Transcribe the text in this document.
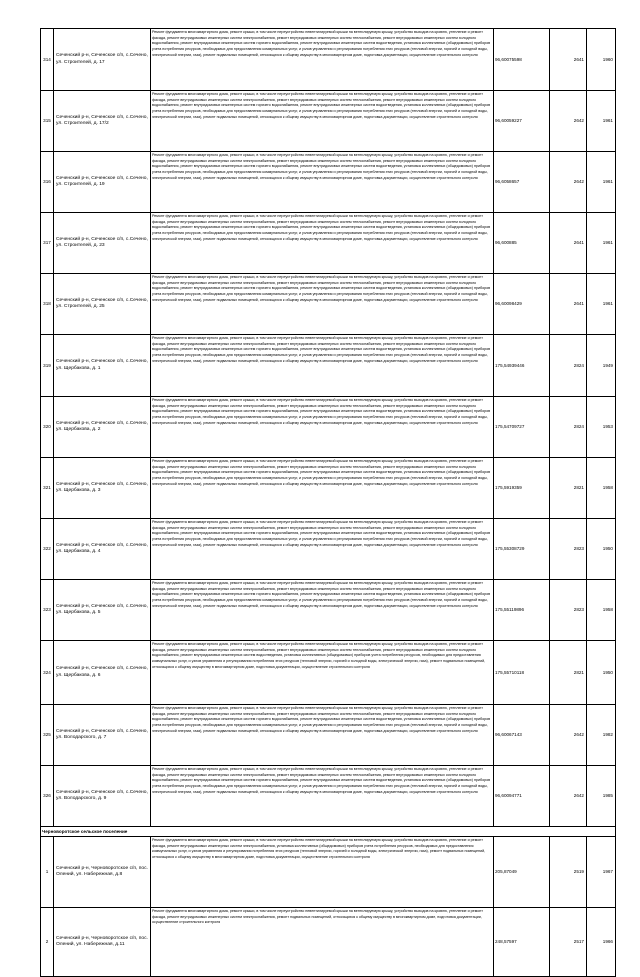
314	Сеченский р-н, Сеченское с/п, с.Сечено, ул. Строителей, д. 17	Ремонт фундамента многоквартирного дома, ремонт крыши, в том числе переустройство невентилируемой крыши на вентилируемую крышу, устройство выходов на кровлю, утепление и ремонт фасада, ремонт внутридомовых инженерных систем электроснабжения, ремонт внутридомовых инженерных систем теплоснабжения, ремонт внутридомовых инженерных систем холодного водоснабжения, ремонт внутридомовых инженерных систем горячего водоснабжения, ремонт внутридомовых инженерных систем водоотведения, установка коллективных (общедомовых) приборов учета потребления ресурсов, необходимых для предоставления коммунальных услуг, и узлов управления и регулирования потребления этих ресурсов (тепловой энергии, горячей и холодной воды, электрической энергии, газа), ремонт подвальных помещений, относящихся к общему имуществу в многоквартирном доме, подготовка документации, осуществление строительного контроля	96,60075598	2641	1960
315	Сеченский р-н, Сеченское с/п, с.Сечено, ул. Строителей, д. 17/2	Ремонт фундамента многоквартирного дома, ремонт крыши, в том числе переустройство невентилируемой крыши на вентилируемую крышу, устройство выходов на кровлю, утепление и ремонт фасада, ремонт внутридомовых инженерных систем электроснабжения, ремонт внутридомовых инженерных систем теплоснабжения, ремонт внутридомовых инженерных систем холодного водоснабжения, ремонт внутридомовых инженерных систем горячего водоснабжения, ремонт внутридомовых инженерных систем водоотведения, установка коллективных (общедомовых) приборов учета потребления ресурсов, необходимых для предоставления коммунальных услуг, и узлов управления и регулирования потребления этих ресурсов (тепловой энергии, горячей и холодной воды, электрической энергии, газа), ремонт подвальных помещений, относящихся к общему имуществу в многоквартирном доме, подготовка документации, осуществление строительного контроля	96,60059227	2642	1961
316	Сеченский р-н, Сеченское с/п, с.Сечено, ул. Строителей, д. 19	Ремонт фундамента многоквартирного дома, ремонт крыши, в том числе переустройство невентилируемой крыши на вентилируемую крышу, устройство выходов на кровлю, утепление и ремонт фасада, ремонт внутридомовых инженерных систем электроснабжения, ремонт внутридомовых инженерных систем теплоснабжения, ремонт внутридомовых инженерных систем холодного водоснабжения, ремонт внутридомовых инженерных систем горячего водоснабжения, ремонт внутридомовых инженерных систем водоотведения, установка коллективных (общедомовых) приборов учета потребления ресурсов, необходимых для предоставления коммунальных услуг, и узлов управления и регулирования потребления этих ресурсов (тепловой энергии, горячей и холодной воды, электрической энергии, газа), ремонт подвальных помещений, относящихся к общему имуществу в многоквартирном доме, подготовка документации, осуществление строительного контроля	96,6058657	2642	1961
317	Сеченский р-н, Сеченское с/п, с.Сечено, ул. Строителей, д. 23	Ремонт фундамента многоквартирного дома, ремонт крыши, в том числе переустройство невентилируемой крыши на вентилируемую крышу, устройство выходов на кровлю, утепление и ремонт фасада, ремонт внутридомовых инженерных систем электроснабжения, ремонт внутридомовых инженерных систем теплоснабжения, ремонт внутридомовых инженерных систем холодного водоснабжения, ремонт внутридомовых инженерных систем горячего водоснабжения, ремонт внутридомовых инженерных систем водоотведения, установка коллективных (общедомовых) приборов учета потребления ресурсов, необходимых для предоставления коммунальных услуг, и узлов управления и регулирования потребления этих ресурсов (тепловой энергии, горячей и холодной воды, электрической энергии, газа), ремонт подвальных помещений, относящихся к общему имуществу в многоквартирном доме, подготовка документации, осуществление строительного контроля	96,600885	2641	1961
318	Сеченский р-н, Сеченское с/п, с.Сечено, ул. Строителей, д. 25	Ремонт фундамента многоквартирного дома, ремонт крыши, в том числе переустройство невентилируемой крыши на вентилируемую крышу, устройство выходов на кровлю, утепление и ремонт фасада, ремонт внутридомовых инженерных систем электроснабжения, ремонт внутридомовых инженерных систем теплоснабжения, ремонт внутридомовых инженерных систем холодного водоснабжения, ремонт внутридомовых инженерных систем горячего водоснабжения, ремонт внутридомовых инженерных систем водоотведения, установка коллективных (общедомовых) приборов учета потребления ресурсов, необходимых для предоставления коммунальных услуг, и узлов управления и регулирования потребления этих ресурсов (тепловой энергии, горячей и холодной воды, электрической энергии, газа), ремонт подвальных помещений, относящихся к общему имуществу в многоквартирном доме, подготовка документации, осуществление строительного контроля	96,60098429	2641	1961
319	Сеченский р-н, Сеченское с/п, с.Сечено, ул. Щербакова, д. 1	Ремонт фундамента многоквартирного дома, ремонт крыши, в том числе переустройство невентилируемой крыши на вентилируемую крышу, устройство выходов на кровлю, утепление и ремонт фасада, ремонт внутридомовых инженерных систем электроснабжения, ремонт внутридомовых инженерных систем теплоснабжения, ремонт внутридомовых инженерных систем холодного водоснабжения, ремонт внутридомовых инженерных систем горячего водоснабжения, ремонт внутридомовых инженерных систем водоотведения, установка коллективных (общедомовых) приборов учета потребления ресурсов, необходимых для предоставления коммунальных услуг, и узлов управления и регулирования потребления этих ресурсов (тепловой энергии, горячей и холодной воды, электрической энергии, газа), ремонт подвальных помещений, относящихся к общему имуществу в многоквартирном доме, подготовка документации, осуществление строительного контроля	175,54939446	2824	1949
320	Сеченский р-н, Сеченское с/п, с.Сечено, ул. Щербакова, д. 2	Ремонт фундамента многоквартирного дома, ремонт крыши, в том числе переустройство невентилируемой крыши на вентилируемую крышу, устройство выходов на кровлю, утепление и ремонт фасада, ремонт внутридомовых инженерных систем электроснабжения, ремонт внутридомовых инженерных систем теплоснабжения, ремонт внутридомовых инженерных систем холодного водоснабжения, ремонт внутридомовых инженерных систем горячего водоснабжения, ремонт внутридомовых инженерных систем водоотведения, установка коллективных (общедомовых) приборов учета потребления ресурсов, необходимых для предоставления коммунальных услуг, и узлов управления и регулирования потребления этих ресурсов (тепловой энергии, горячей и холодной воды, электрической энергии, газа), ремонт подвальных помещений, относящихся к общему имуществу в многоквартирном доме, подготовка документации, осуществление строительного контроля	175,54709727	2824	1953
321	Сеченский р-н, Сеченское с/п, с.Сечено, ул. Щербакова, д. 3	Ремонт фундамента многоквартирного дома, ремонт крыши, в том числе переустройство невентилируемой крыши на вентилируемую крышу, устройство выходов на кровлю, утепление и ремонт фасада, ремонт внутридомовых инженерных систем электроснабжения, ремонт внутридомовых инженерных систем теплоснабжения, ремонт внутридомовых инженерных систем холодного водоснабжения, ремонт внутридомовых инженерных систем горячего водоснабжения, ремонт внутридомовых инженерных систем водоотведения, установка коллективных (общедомовых) приборов учета потребления ресурсов, необходимых для предоставления коммунальных услуг, и узлов управления и регулирования потребления этих ресурсов (тепловой энергии, горячей и холодной воды, электрической энергии, газа), ремонт подвальных помещений, относящихся к общему имуществу в многоквартирном доме, подготовка документации, осуществление строительного контроля	175,5919359	2821	1958
322	Сеченский р-н, Сеченское с/п, с.Сечено, ул. Щербакова, д. 4	Ремонт фундамента многоквартирного дома, ремонт крыши, в том числе переустройство невентилируемой крыши на вентилируемую крышу, устройство выходов на кровлю, утепление и ремонт фасада, ремонт внутридомовых инженерных систем электроснабжения, ремонт внутридомовых инженерных систем теплоснабжения, ремонт внутридомовых инженерных систем холодного водоснабжения, ремонт внутридомовых инженерных систем горячего водоснабжения, ремонт внутридомовых инженерных систем водоотведения, установка коллективных (общедомовых) приборов учета потребления ресурсов, необходимых для предоставления коммунальных услуг, и узлов управления и регулирования потребления этих ресурсов (тепловой энергии, горячей и холодной воды, электрической энергии, газа), ремонт подвальных помещений, относящихся к общему имуществу в многоквартирном доме, подготовка документации, осуществление строительного контроля	175,55308729	2823	1950
323	Сеченский р-н, Сеченское с/п, с.Сечено, ул. Щербакова, д. 5	Ремонт фундамента многоквартирного дома, ремонт крыши, в том числе переустройство невентилируемой крыши на вентилируемую крышу, устройство выходов на кровлю, утепление и ремонт фасада, ремонт внутридомовых инженерных систем электроснабжения, ремонт внутридомовых инженерных систем теплоснабжения, ремонт внутридомовых инженерных систем холодного водоснабжения, ремонт внутридомовых инженерных систем горячего водоснабжения, ремонт внутридомовых инженерных систем водоотведения, установка коллективных (общедомовых) приборов учета потребления ресурсов, необходимых для предоставления коммунальных услуг, и узлов управления и регулирования потребления этих ресурсов (тепловой энергии, горячей и холодной воды, электрической энергии, газа), ремонт подвальных помещений, относящихся к общему имуществу в многоквартирном доме, подготовка документации, осуществление строительного контроля	175,55119896	2823	1958
324	Сеченский р-н, Сеченское с/п, с.Сечено, ул. Щербакова, д. 6	Ремонт фундамента многоквартирного дома, ремонт крыши, в том числе переустройство невентилируемой крыши на вентилируемую крышу, устройство выходов на кровлю, утепление и ремонт фасада, ремонт внутридомовых инженерных систем электроснабжения, ремонт внутридомовых инженерных систем теплоснабжения, ремонт внутридомовых инженерных систем холодного водоснабжения, ремонт внутридомовых инженерных систем водоотведения, установка коллективных (общедомовых) приборов учета потребления ресурсов, необходимых для предоставления коммунальных услуг, и узлов управления и регулирования потребления этих ресурсов (тепловой энергии, горячей и холодной воды, электрической энергии, газа), ремонт подвальных помещений, относящихся к общему имуществу в многоквартирном доме, подготовка документации, осуществление строительного контроля	175,55710118	2821	1950
325	Сеченский р-н, Сеченское с/п, с.Сечено, ул. Володарского, д. 7	Ремонт фундамента многоквартирного дома, ремонт крыши, в том числе переустройство невентилируемой крыши на вентилируемую крышу, устройство выходов на кровлю, утепление и ремонт фасада, ремонт внутридомовых инженерных систем электроснабжения, ремонт внутридомовых инженерных систем теплоснабжения, ремонт внутридомовых инженерных систем холодного водоснабжения, ремонт внутридомовых инженерных систем горячего водоснабжения, ремонт внутридомовых инженерных систем водоотведения, установка коллективных (общедомовых) приборов учета потребления ресурсов, необходимых для предоставления коммунальных услуг, и узлов управления и регулирования потребления этих ресурсов (тепловой энергии, горячей и холодной воды, электрической энергии, газа), ремонт подвальных помещений, относящихся к общему имуществу в многоквартирном доме, подготовка документации, осуществление строительного контроля	96,60067143	2642	1982
326	Сеченский р-н, Сеченское с/п, с.Сечено, ул. Володарского, д. 9	Ремонт фундамента многоквартирного дома, ремонт крыши, в том числе переустройство невентилируемой крыши на вентилируемую крышу, устройство выходов на кровлю, утепление и ремонт фасада, ремонт внутридомовых инженерных систем электроснабжения, ремонт внутридомовых инженерных систем теплоснабжения, ремонт внутридомовых инженерных систем холодного водоснабжения, ремонт внутридомовых инженерных систем горячего водоснабжения, ремонт внутридомовых инженерных систем водоотведения, установка коллективных (общедомовых) приборов учета потребления ресурсов, необходимых для предоставления коммунальных услуг, и узлов управления и регулирования потребления этих ресурсов (тепловой энергии, горячей и холодной воды, электрической энергии, газа), ремонт подвальных помещений, относящихся к общему имуществу в многоквартирном доме, подготовка документации, осуществление строительного контроля	96,60094771	2642	1985
Черноворотское сельское поселение					
1	Сеченский р-н, Черноворотское с/п, пос. Олений, ул. Набережная, д.8	Ремонт фундамента многоквартирного дома, ремонт крыши, в том числе переустройство невентилируемой крыши на вентилируемую крышу, устройство выходов на кровлю, утепление и ремонт фасада, ремонт внутридомовых инженерных систем электроснабжения, установка коллективных (общедомовых) приборов учета потребления ресурсов, необходимых для предоставления коммунальных услуг, и узлов управления и регулирования потребления этих ресурсов (тепловой энергии, горячей и холодной воды, электрической энергии, газа), ремонт подвальных помещений, относящихся к общему имуществу в многоквартирном доме, подготовка документации, осуществление строительного контроля	205,87049	2519	1967
2	Сеченский р-н, Черноворотское с/п, пос. Олений, ул. Набережная, д.11	Ремонт фундамента многоквартирного дома, ремонт крыши, в том числе переустройство невентилируемой крыши на вентилируемую крышу, устройство выходов на кровлю, утепление и ремонт фасада, ремонт внутридомовых инженерных систем электроснабжения, ремонт подвальных помещений, относящихся к общему имуществу в многоквартирном доме, подготовка документации, осуществление строительного контроля	248,57597	2517	1966
